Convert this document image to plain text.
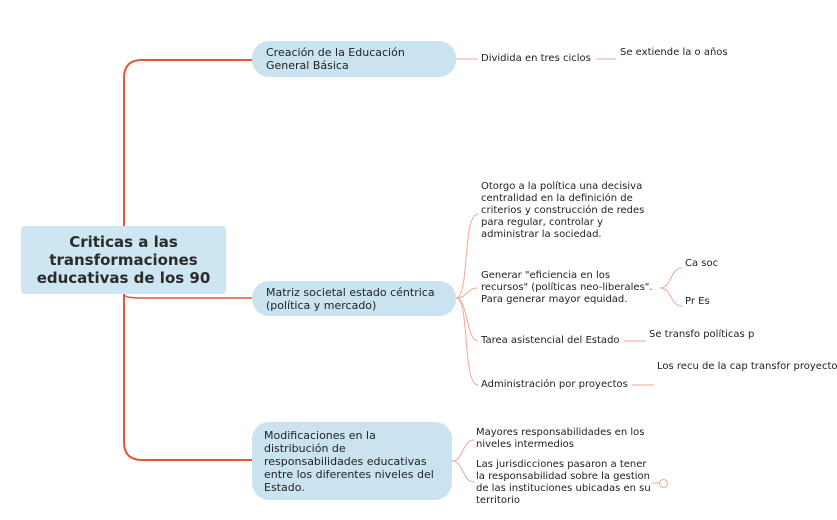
Criticas a las transformaciones educativas de los 90
Creación de la Educación General Básica
Matriz societal estado céntrica (política y mercado)
Modificaciones en la distribución de responsabilidades educativas entre los diferentes niveles del Estado.
Dividida en tres ciclos
Se extiende la o años
Otorgo a la política una decisiva centralidad en la definición de criterios y construcción de redes para regular, controlar y administrar la sociedad.
Generar "eficiencia en los recursos" (políticas neo-liberales". Para generar mayor equidad.
Ca soc
Pr Es
Tarea asistencial del Estado
Se transfo políticas p
Administración por proyectos
Los recu de la cap transfor proyecto
Mayores responsabilidades en los niveles intermedios
Las jurisdicciones pasaron a tener la responsabilidad sobre la gestion de las instituciones ubicadas en su territorio
